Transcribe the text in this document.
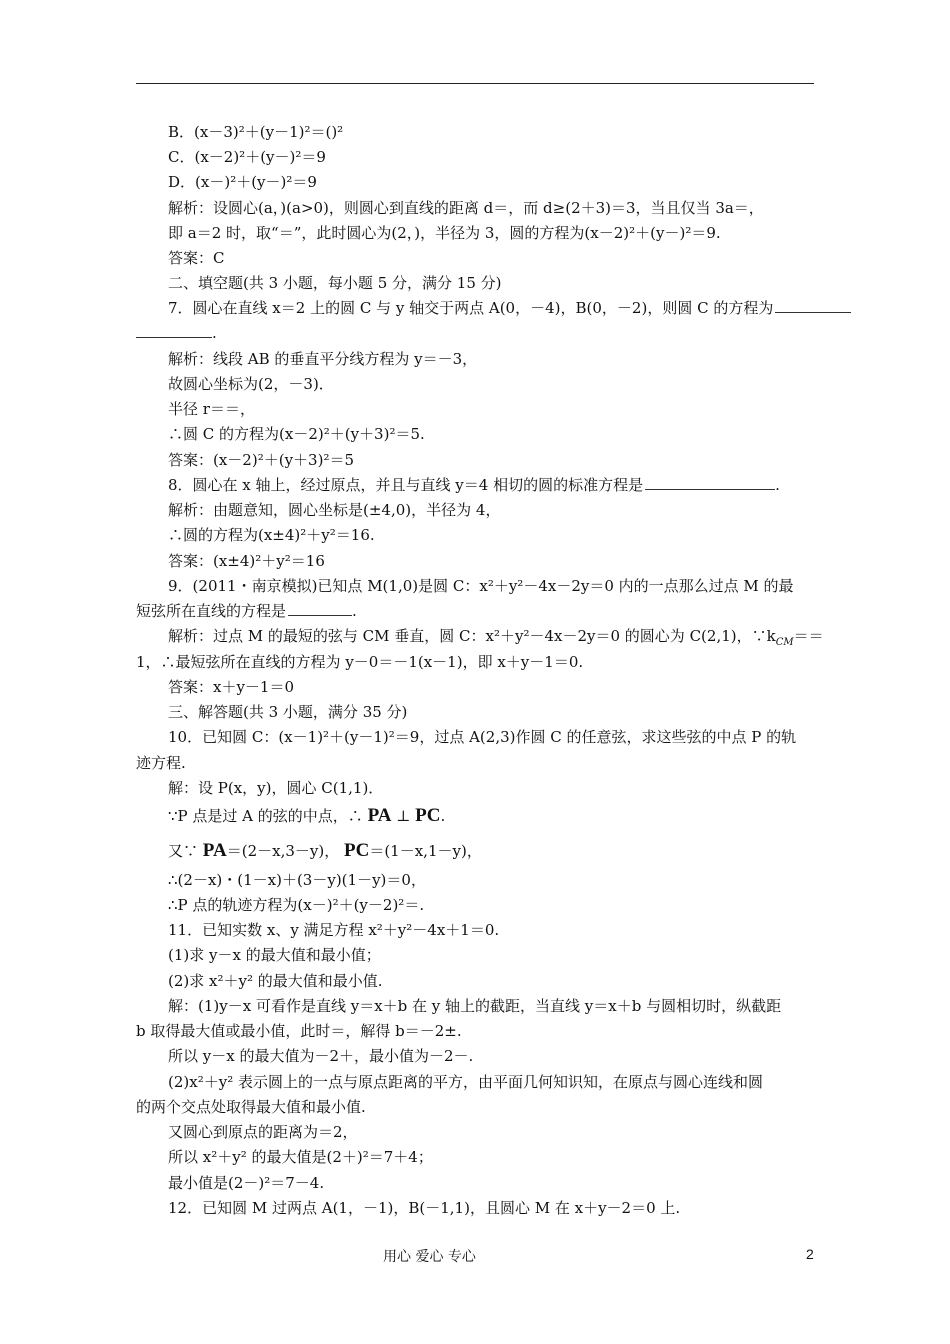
B．(x－3)²＋(y－1)²＝()²
C．(x－2)²＋(y－)²＝9
D．(x－)²＋(y－)²＝9
解析：设圆心(a，)(a>0)，则圆心到直线的距离 d＝，而 d≥(2＋3)＝3，当且仅当 3a＝，
即 a＝2 时，取“＝”，此时圆心为(2，)，半径为 3，圆的方程为(x－2)²＋(y－)²＝9.
答案：C
二、填空题(共 3 小题，每小题 5 分，满分 15 分)
7．圆心在直线 x＝2 上的圆 C 与 y 轴交于两点 A(0，－4)，B(0，－2)，则圆 C 的方程为
.
解析：线段 AB 的垂直平分线方程为 y＝－3，
故圆心坐标为(2，－3)．
半径 r＝＝，
∴圆 C 的方程为(x－2)²＋(y＋3)²＝5.
答案：(x－2)²＋(y＋3)²＝5
8．圆心在 x 轴上，经过原点，并且与直线 y＝4 相切的圆的标准方程是	.
解析：由题意知，圆心坐标是(±4,0)，半径为 4，
∴圆的方程为(x±4)²＋y²＝16.
答案：(x±4)²＋y²＝16
9．(2011・南京模拟)已知点 M(1,0)是圆 C：x²＋y²－4x－2y＝0 内的一点那么过点 M 的最
短弦所在直线的方程是	.
解析：过点 M 的最短的弦与 CM 垂直，圆 C：x²＋y²－4x－2y＝0 的圆心为 C(2,1)，$\because k_{CM}==$
1，∴最短弦所在直线的方程为 y－0＝－1(x－1)，即 x＋y－1＝0.
答案：x＋y－1＝0
三、解答题(共 3 小题，满分 35 分)
10．已知圆 C：(x－1)²＋(y－1)²＝9，过点 A(2,3)作圆 C 的任意弦，求这些弦的中点 P 的轨
迹方程.
解：设 P(x，y)，圆心 C(1,1)．
∵P 点是过 A 的弦的中点，∴ PA ⊥ PC.
又∵ PA＝(2－x,3－y)， PC＝(1－x,1－y)，
∴(2－x)・(1－x)＋(3－y)(1－y)＝0，
∴P 点的轨迹方程为(x－)²＋(y－2)²＝.
11．已知实数 x、y 满足方程 x²＋y²－4x＋1＝0.
(1)求 y－x 的最大值和最小值；
(2)求 x²＋y² 的最大值和最小值.
解：(1)y－x 可看作是直线 y＝x＋b 在 y 轴上的截距，当直线 y＝x＋b 与圆相切时，纵截距
b 取得最大值或最小值，此时＝，解得 b＝－2±.
所以 y－x 的最大值为－2＋，最小值为－2－.
(2)x²＋y² 表示圆上的一点与原点距离的平方，由平面几何知识知，在原点与圆心连线和圆
的两个交点处取得最大值和最小值.
又圆心到原点的距离为＝2，
所以 x²＋y² 的最大值是(2＋)²＝7＋4；
最小值是(2－)²＝7－4.
12．已知圆 M 过两点 A(1，－1)，B(－1,1)，且圆心 M 在 x＋y－2＝0 上.
用心 爱心 专心	2
